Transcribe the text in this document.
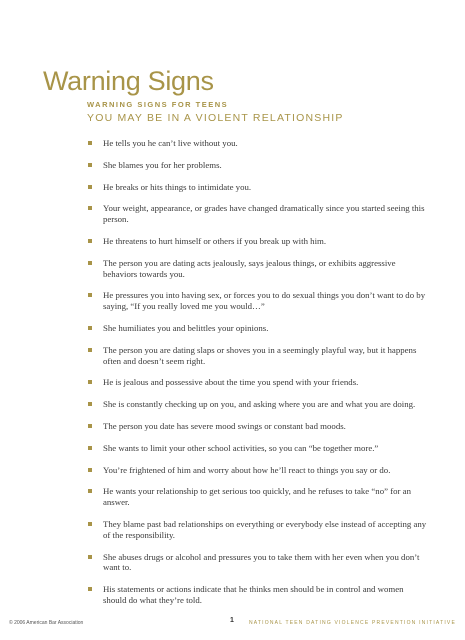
Warning Signs
WARNING SIGNS FOR TEENS
YOU MAY BE IN A VIOLENT RELATIONSHIP
He tells you he can’t live without you.
She blames you for her problems.
He breaks or hits things to intimidate you.
Your weight, appearance, or grades have changed dramatically since you started seeing this person.
He threatens to hurt himself or others if you break up with him.
The person you are dating acts jealously, says jealous things, or exhibits aggressive behaviors towards you.
He pressures you into having sex, or forces you to do sexual things you don’t want to do by saying, “If you really loved me you would…”
She humiliates you and belittles your opinions.
The person you are dating slaps or shoves you in a seemingly playful way, but it happens often and doesn’t seem right.
He is jealous and possessive about the time you spend with your friends.
She is constantly checking up on you, and asking where you are and what you are doing.
The person you date has severe mood swings or constant bad moods.
She wants to limit your other school activities, so you can “be together more.”
You’re frightened of him and worry about how he’ll react to things you say or do.
He wants your relationship to get serious too quickly, and he refuses to take “no” for an answer.
They blame past bad relationships on everything or everybody else instead of accepting any of the responsibility.
She abuses drugs or alcohol and pressures you to take them with her even when you don’t want to.
His statements or actions indicate that he thinks men should be in control and women should do what they’re told.
© 2006 American Bar Association	1	NATIONAL TEEN DATING VIOLENCE PREVENTION INITIATIVE
